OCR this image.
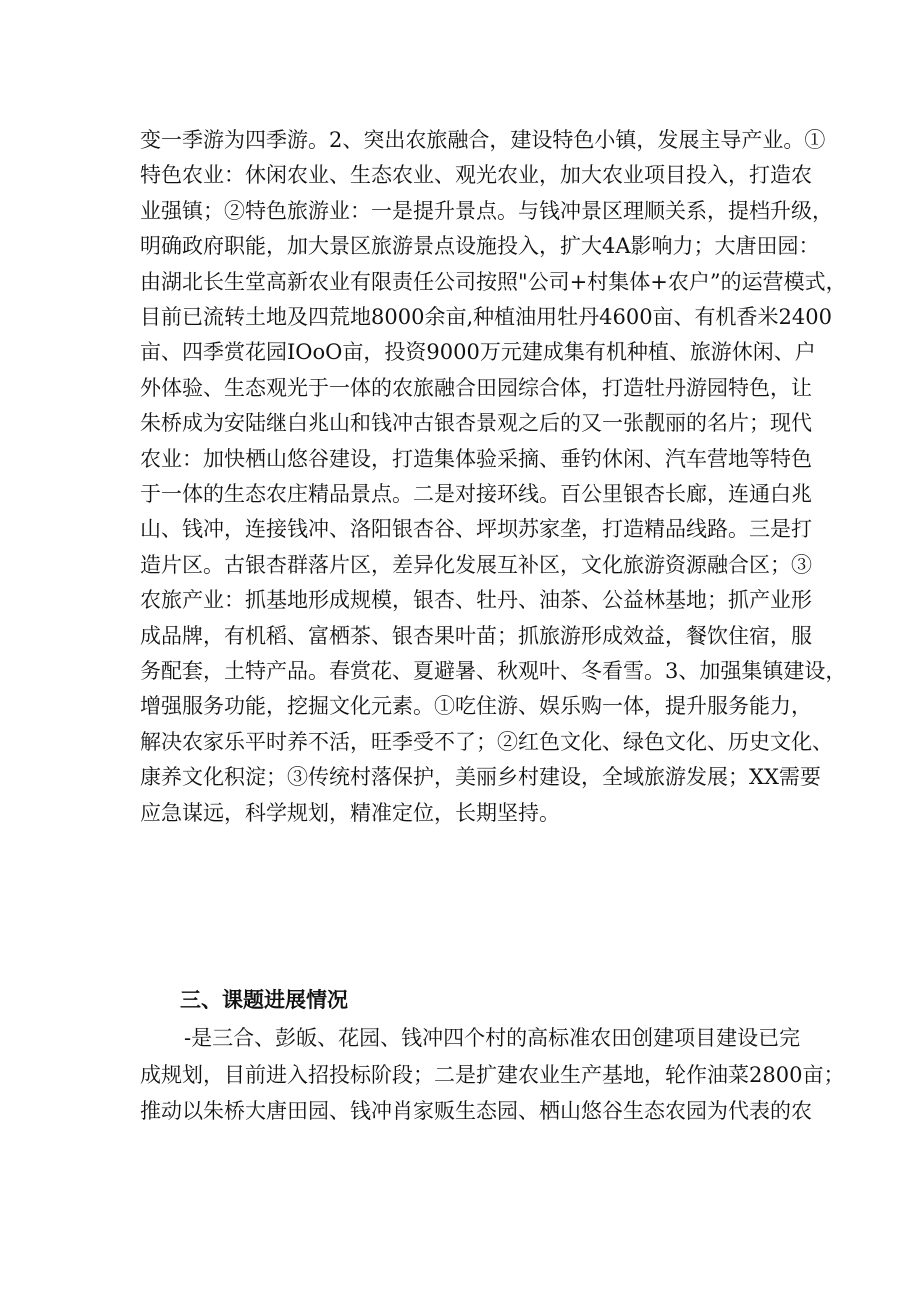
变一季游为四季游。2、突出农旅融合，建设特色小镇，发展主导产业。①
特色农业：休闲农业、生态农业、观光农业，加大农业项目投入，打造农
业强镇；②特色旅游业：一是提升景点。与钱冲景区理顺关系，提档升级，
明确政府职能，加大景区旅游景点设施投入，扩大4A影响力；大唐田园：
由湖北长生堂高新农业有限责任公司按照"公司+村集体+农户”的运营模式，
目前已流转土地及四荒地8000余亩,种植油用牡丹4600亩、有机香米2400
亩、四季赏花园IOoO亩，投资9000万元建成集有机种植、旅游休闲、户
外体验、生态观光于一体的农旅融合田园综合体，打造牡丹游园特色，让
朱桥成为安陆继白兆山和钱冲古银杏景观之后的又一张靓丽的名片；现代
农业：加快栖山悠谷建设，打造集体验采摘、垂钓休闲、汽车营地等特色
于一体的生态农庄精品景点。二是对接环线。百公里银杏长廊，连通白兆
山、钱冲，连接钱冲、洛阳银杏谷、坪坝苏家垄，打造精品线路。三是打
造片区。古银杏群落片区，差异化发展互补区，文化旅游资源融合区；③
农旅产业：抓基地形成规模，银杏、牡丹、油茶、公益林基地；抓产业形
成品牌，有机稻、富栖茶、银杏果叶苗；抓旅游形成效益，餐饮住宿，服
务配套，土特产品。春赏花、夏避暑、秋观叶、冬看雪。3、加强集镇建设，
增强服务功能，挖掘文化元素。①吃住游、娱乐购一体，提升服务能力，
解决农家乐平时养不活，旺季受不了；②红色文化、绿色文化、历史文化、
康养文化积淀；③传统村落保护，美丽乡村建设，全域旅游发展；XX需要
应急谋远，科学规划，精准定位，长期坚持。
三、课题进展情况
-是三合、彭皈、花园、钱冲四个村的高标准农田创建项目建设已完
成规划，目前进入招投标阶段；二是扩建农业生产基地，轮作油菜2800亩；
推动以朱桥大唐田园、钱冲肖家贩生态园、栖山悠谷生态农园为代表的农
